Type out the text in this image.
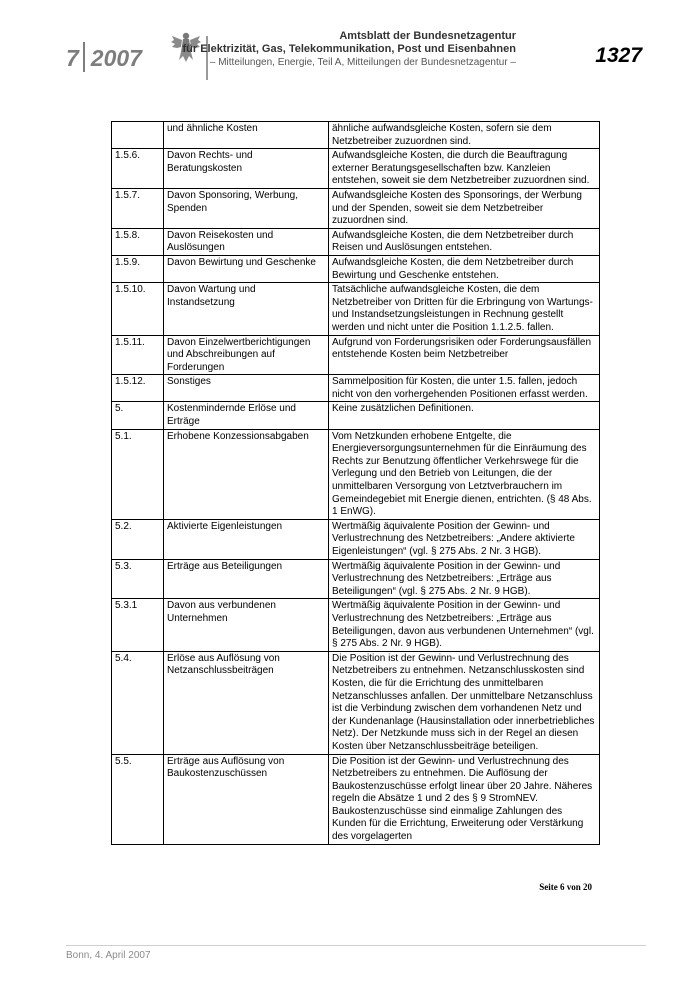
7 2007
Amtsblatt der Bundesnetzagentur
für Elektrizität, Gas, Telekommunikation, Post und Eisenbahnen
– Mitteilungen, Energie, Teil A, Mitteilungen der Bundesnetzagentur –	1327
	und ähnliche Kosten	ähnliche aufwandsgleiche Kosten, sofern sie dem Netzbetreiber zuzuordnen sind.
1.5.6.	Davon Rechts- und Beratungskosten	Aufwandsgleiche Kosten, die durch die Beauftragung externer Beratungsgesellschaften bzw. Kanzleien entstehen, soweit sie dem Netzbetreiber zuzuordnen sind.
1.5.7.	Davon Sponsoring, Werbung, Spenden	Aufwandsgleiche Kosten des Sponsorings, der Werbung und der Spenden, soweit sie dem Netzbetreiber zuzuordnen sind.
1.5.8.	Davon Reisekosten und Auslösungen	Aufwandsgleiche Kosten, die dem Netzbetreiber durch Reisen und Auslösungen entstehen.
1.5.9.	Davon Bewirtung und Geschenke	Aufwandsgleiche Kosten, die dem Netzbetreiber durch Bewirtung und Geschenke entstehen.
1.5.10.	Davon Wartung und Instandsetzung	Tatsächliche aufwandsgleiche Kosten, die dem Netzbetreiber von Dritten für die Erbringung von Wartungs- und Instandsetzungsleistungen in Rechnung gestellt werden und nicht unter die Position 1.1.2.5. fallen.
1.5.11.	Davon Einzelwertberichtigungen und Abschreibungen auf Forderungen	Aufgrund von Forderungsrisiken oder Forderungsausfällen entstehende Kosten beim Netzbetreiber
1.5.12.	Sonstiges	Sammelposition für Kosten, die unter 1.5. fallen, jedoch nicht von den vorhergehenden Positionen erfasst werden.
5.	Kostenmindernde Erlöse und Erträge	Keine zusätzlichen Definitionen.
5.1.	Erhobene Konzessionsabgaben	Vom Netzkunden erhobene Entgelte, die Energieversorgungsunternehmen für die Einräumung des Rechts zur Benutzung öffentlicher Verkehrswege für die
Verlegung und den Betrieb von Leitungen, die der unmittelbaren Versorgung von Letztverbrauchern im Gemeindegebiet mit Energie dienen, entrichten. (§ 48 Abs. 1 EnWG).
5.2.	Aktivierte Eigenleistungen	Wertmäßig äquivalente Position der Gewinn- und Verlustrechnung des Netzbetreibers: „Andere aktivierte Eigenleistungen“ (vgl. § 275 Abs. 2 Nr. 3 HGB).
5.3.	Erträge aus Beteiligungen	Wertmäßig äquivalente Position in der Gewinn- und Verlustrechnung des Netzbetreibers: „Erträge aus Beteiligungen“ (vgl. § 275 Abs. 2 Nr. 9 HGB).
5.3.1	Davon aus verbundenen Unternehmen	Wertmäßig äquivalente Position in der Gewinn- und Verlustrechnung des Netzbetreibers: „Erträge aus Beteiligungen, davon aus verbundenen Unternehmen“ (vgl. § 275 Abs. 2 Nr. 9 HGB).
5.4.	Erlöse aus Auflösung von Netzanschlussbeiträgen	Die Position ist der Gewinn- und Verlustrechnung des Netzbetreibers zu entnehmen. Netzanschlusskosten sind Kosten, die für die Errichtung des unmittelbaren Netzanschlusses anfallen. Der unmittelbare Netzanschluss ist die Verbindung zwischen dem vorhandenen Netz und der Kundenanlage (Hausinstallation oder innerbetriebliches Netz). Der Netzkunde muss sich in der Regel an diesen Kosten über Netzanschlussbeiträge beteiligen.
5.5.	Erträge aus Auflösung von Baukostenzuschüssen	Die Position ist der Gewinn- und Verlustrechnung des Netzbetreibers zu entnehmen. Die Auflösung der Baukostenzuschüsse erfolgt linear über 20 Jahre. Näheres regeln die Absätze 1 und 2 des § 9 StromNEV. Baukostenzuschüsse sind einmalige Zahlungen des Kunden für die Errichtung, Erweiterung oder Verstärkung des vorgelagerten
Seite 6 von 20
Bonn, 4. April 2007
